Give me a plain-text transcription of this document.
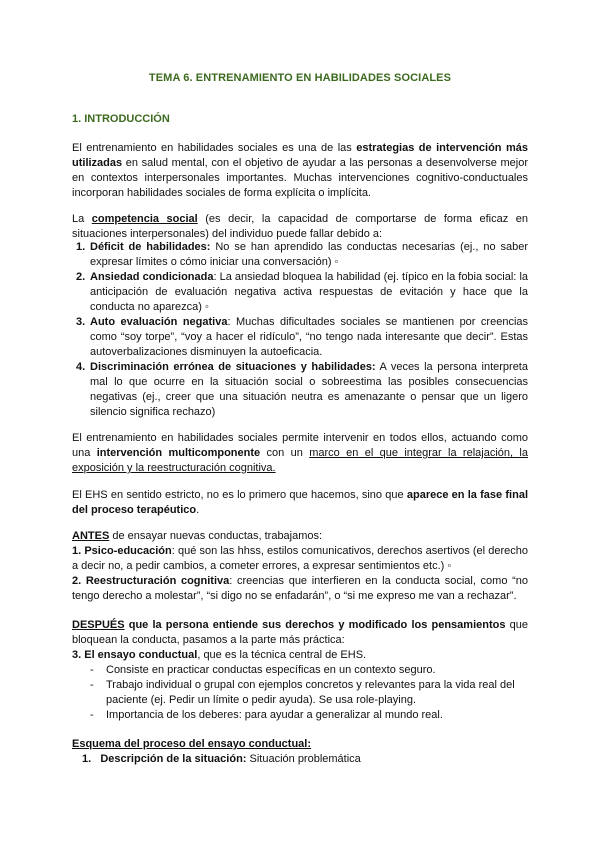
TEMA 6. ENTRENAMIENTO EN HABILIDADES SOCIALES
1. INTRODUCCIÓN
El entrenamiento en habilidades sociales es una de las estrategias de intervención más utilizadas en salud mental, con el objetivo de ayudar a las personas a desenvolverse mejor en contextos interpersonales importantes. Muchas intervenciones cognitivo-conductuales incorporan habilidades sociales de forma explícita o implícita.
La competencia social (es decir, la capacidad de comportarse de forma eficaz en situaciones interpersonales) del individuo puede fallar debido a:
1. Déficit de habilidades: No se han aprendido las conductas necesarias (ej., no saber expresar límites o cómo iniciar una conversación) ◦
2. Ansiedad condicionada: La ansiedad bloquea la habilidad (ej. típico en la fobia social: la anticipación de evaluación negativa activa respuestas de evitación y hace que la conducta no aparezca) ◦
3. Auto evaluación negativa: Muchas dificultades sociales se mantienen por creencias como “soy torpe”, “voy a hacer el ridículo”, “no tengo nada interesante que decir”. Estas autoverbalizaciones disminuyen la autoeficacia.
4. Discriminación errónea de situaciones y habilidades: A veces la persona interpreta mal lo que ocurre en la situación social o sobreestima las posibles consecuencias negativas (ej., creer que una situación neutra es amenazante o pensar que un ligero silencio significa rechazo)
El entrenamiento en habilidades sociales permite intervenir en todos ellos, actuando como una intervención multicomponente con un marco en el que integrar la relajación, la exposición y la reestructuración cognitiva.
El EHS en sentido estricto, no es lo primero que hacemos, sino que aparece en la fase final del proceso terapéutico.
ANTES de ensayar nuevas conductas, trabajamos:
1. Psico-educación: qué son las hhss, estilos comunicativos, derechos asertivos (el derecho a decir no, a pedir cambios, a cometer errores, a expresar sentimientos etc.) ◦
2. Reestructuración cognitiva: creencias que interfieren en la conducta social, como “no tengo derecho a molestar”, “si digo no se enfadarán”, o “si me expreso me van a rechazar”.
DESPUÉS que la persona entiende sus derechos y modificado los pensamientos que bloquean la conducta, pasamos a la parte más práctica:
3. El ensayo conductual, que es la técnica central de EHS.
- Consiste en practicar conductas específicas en un contexto seguro.
- Trabajo individual o grupal con ejemplos concretos y relevantes para la vida real del paciente (ej. Pedir un límite o pedir ayuda). Se usa role-playing.
- Importancia de los deberes: para ayudar a generalizar al mundo real.
Esquema del proceso del ensayo conductual:
1. Descripción de la situación: Situación problemática
